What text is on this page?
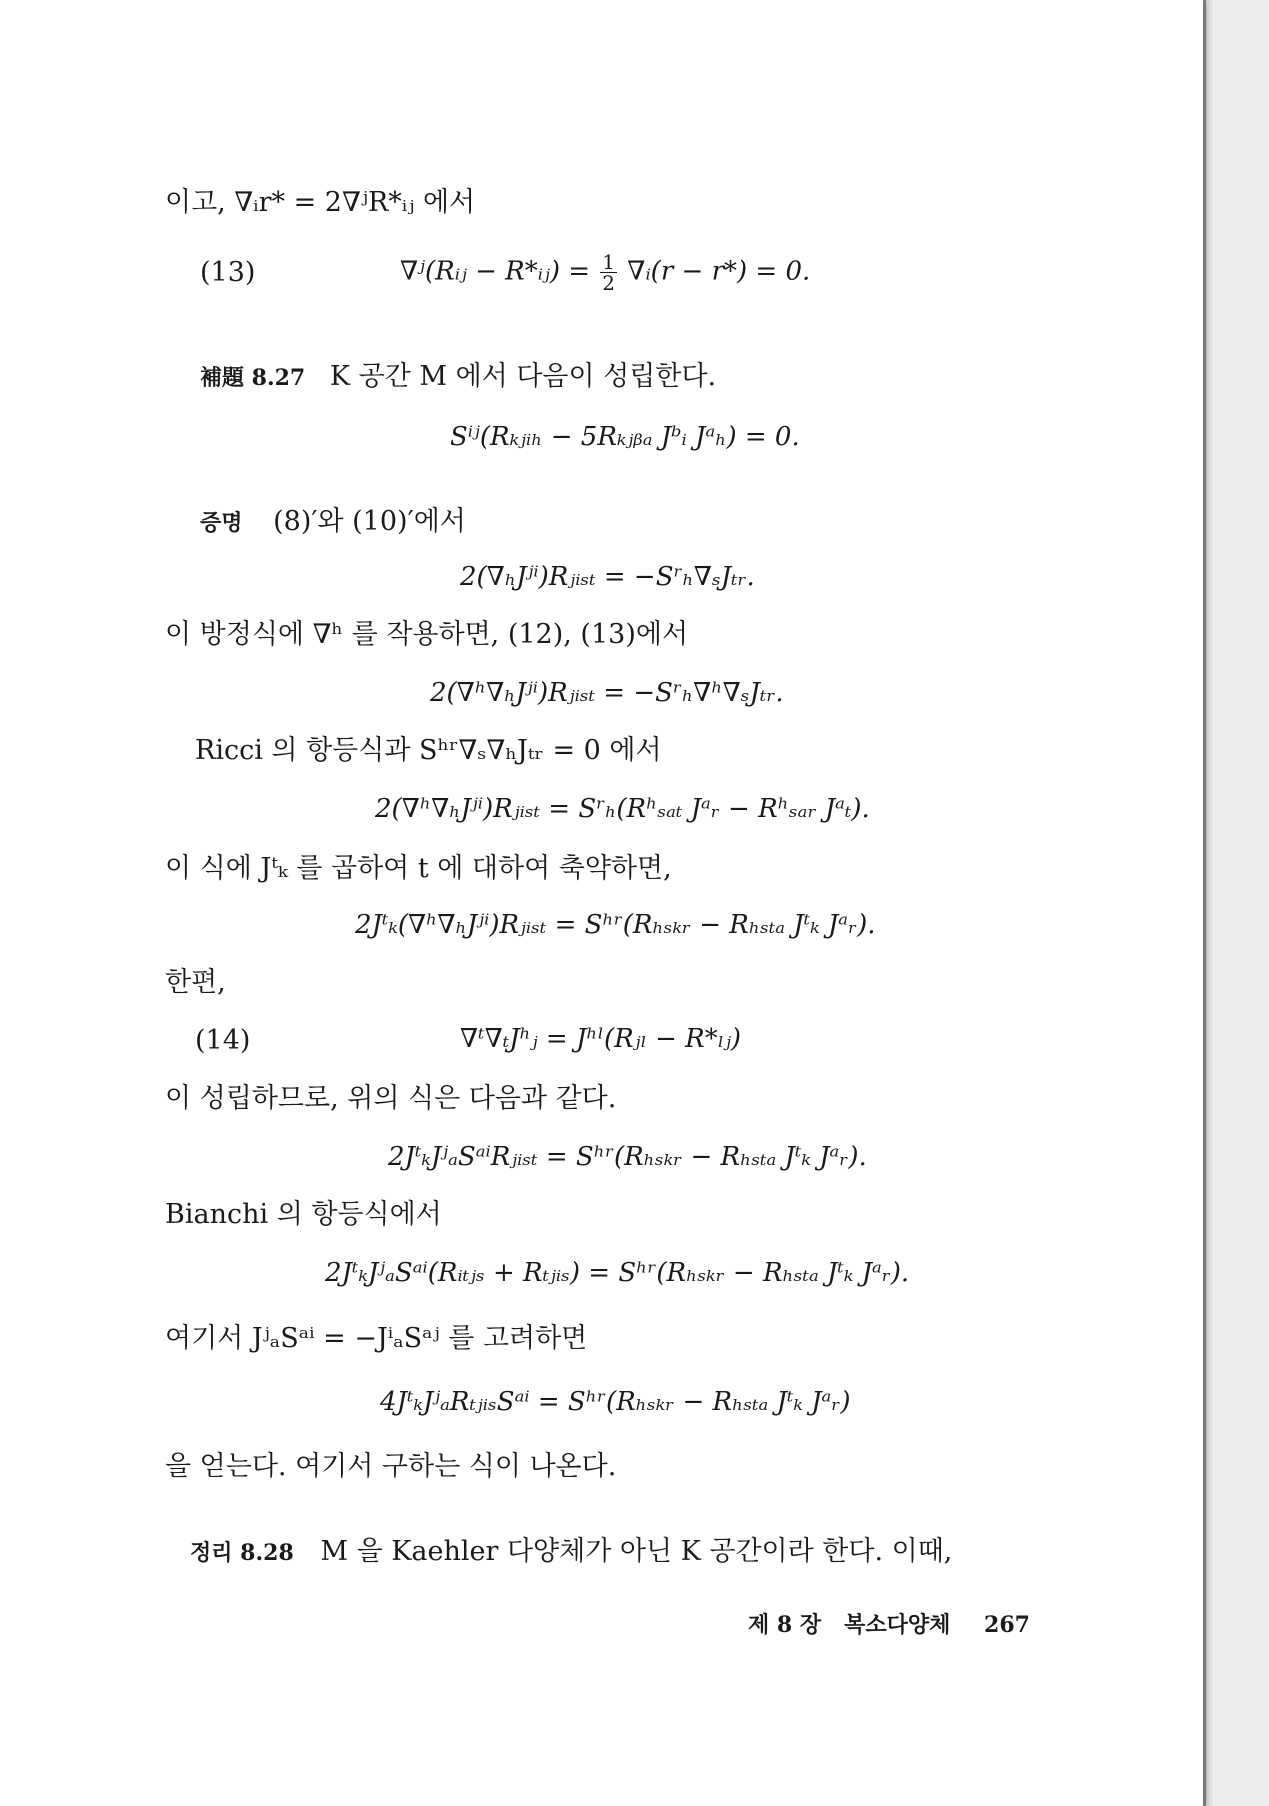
이고, ∇ᵢr* = 2∇ʲR*ᵢⱼ 에서
(13)	∇ʲ(Rᵢⱼ − R*ᵢⱼ) = $\frac{1}{2}$ ∇ᵢ(r − r*) = 0.
補題 8.27 K 공간 M 에서 다음이 성립한다.
Sⁱʲ(Rₖⱼᵢₕ − 5Rₖⱼᵦₐ Jᵇᵢ Jᵃₕ) = 0.
증명 (8)′와 (10)′에서
2(∇ₕJʲⁱ)Rⱼᵢₛₜ = −Sʳₕ∇ₛJₜᵣ.
이 방정식에 ∇ʰ 를 작용하면, (12), (13)에서
2(∇ʰ∇ₕJʲⁱ)Rⱼᵢₛₜ = −Sʳₕ∇ʰ∇ₛJₜᵣ.
Ricci 의 항등식과 Sʰʳ∇ₛ∇ₕJₜᵣ = 0 에서
2(∇ʰ∇ₕJʲⁱ)Rⱼᵢₛₜ = Sʳₕ(Rʰₛₐₜ Jᵃᵣ − Rʰₛₐᵣ Jᵃₜ).
이 식에 Jᵗₖ 를 곱하여 t 에 대하여 축약하면,
2Jᵗₖ(∇ʰ∇ₕJʲⁱ)Rⱼᵢₛₜ = Sʰʳ(Rₕₛₖᵣ − Rₕₛₜₐ Jᵗₖ Jᵃᵣ).
한편,
(14)	∇ᵗ∇ₜJʰⱼ = Jʰˡ(Rⱼₗ − R*ₗⱼ)
이 성립하므로, 위의 식은 다음과 같다.
2JᵗₖJʲₐSᵃⁱRⱼᵢₛₜ = Sʰʳ(Rₕₛₖᵣ − Rₕₛₜₐ Jᵗₖ Jᵃᵣ).
Bianchi 의 항등식에서
2JᵗₖJʲₐSᵃⁱ(Rᵢₜⱼₛ + Rₜⱼᵢₛ) = Sʰʳ(Rₕₛₖᵣ − Rₕₛₜₐ Jᵗₖ Jᵃᵣ).
여기서 JʲₐSᵃⁱ = −JⁱₐSᵃʲ 를 고려하면
4JᵗₖJʲₐRₜⱼᵢₛSᵃⁱ = Sʰʳ(Rₕₛₖᵣ − Rₕₛₜₐ Jᵗₖ Jᵃᵣ)
을 얻는다. 여기서 구하는 식이 나온다.
정리 8.28 M 을 Kaehler 다양체가 아닌 K 공간이라 한다. 이때,
제 8 장   복소다양체 267
